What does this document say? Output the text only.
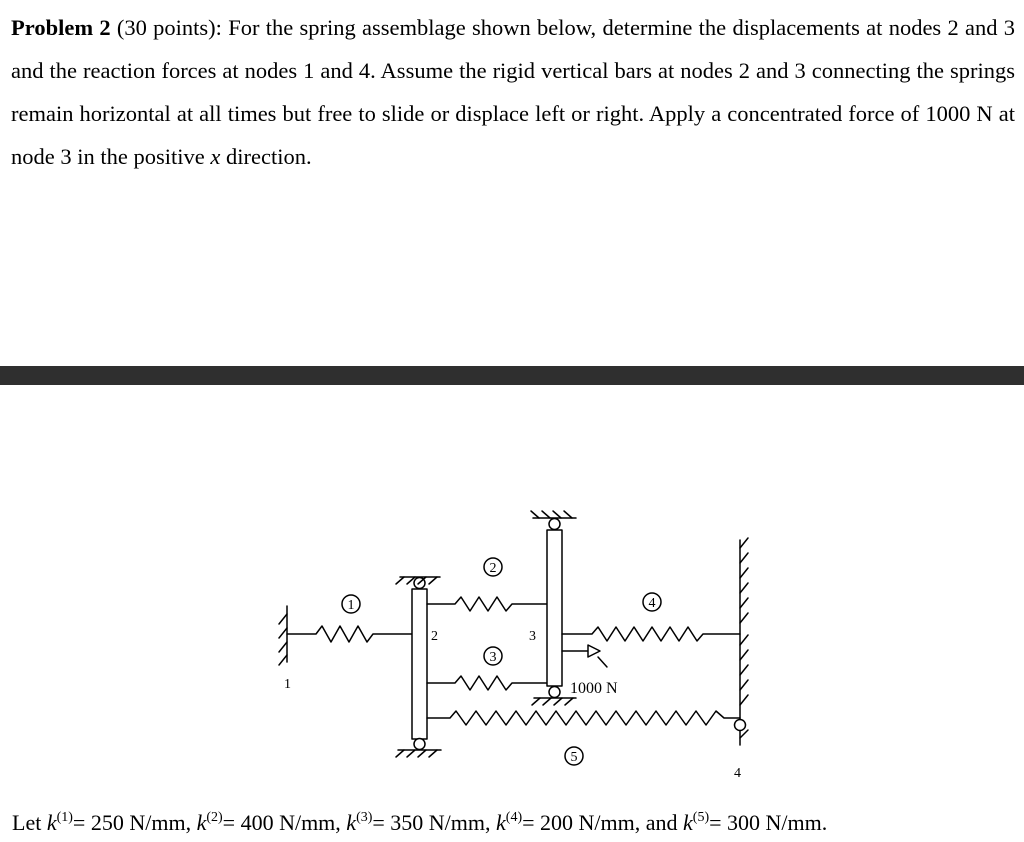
Problem 2 (30 points): For the spring assemblage shown below, determine the displacements at nodes 2 and 3 and the reaction forces at nodes 1 and 4. Assume the rigid vertical bars at nodes 2 and 3 connecting the springs remain horizontal at all times but free to slide or displace left or right. Apply a concentrated force of 1000 N at node 3 in the positive x direction.
1
2
3
4
5
1
2	3
4
1000 N
Let $k^{(1)}= 250$ N/mm, $k^{(2)}= 400$ N/mm, $k^{(3)}= 350$ N/mm, $k^{(4)}= 200$ N/mm, and $k^{(5)}= 300$ N/mm.
